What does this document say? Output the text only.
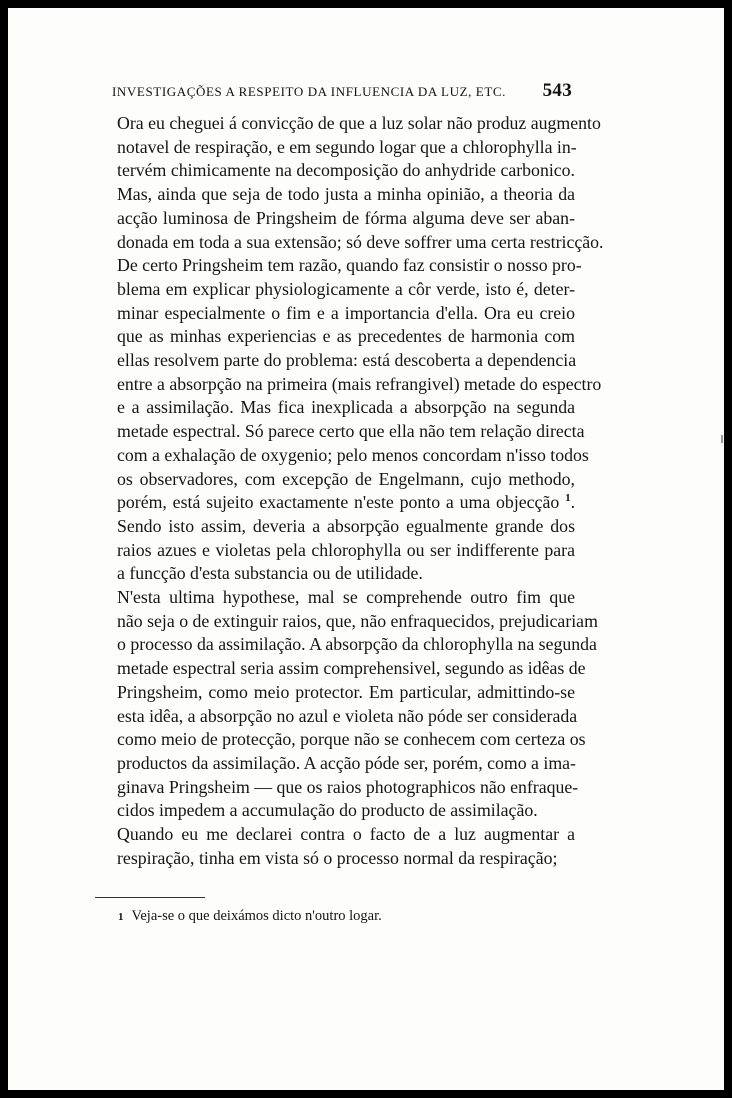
INVESTIGAÇÕES A RESPEITO DA INFLUENCIA DA LUZ, ETC. 543

Ora eu cheguei á convicção de que a luz solar não produz augmento
notavel de respiração, e em segundo logar que a chlorophylla in-
tervém chimicamente na decomposição do anhydride carbonico.
Mas, ainda que seja de todo justa a minha opinião, a theoria da
acção luminosa de Pringsheim de fórma alguma deve ser aban-
donada em toda a sua extensão; só deve soffrer uma certa restricção.
De certo Pringsheim tem razão, quando faz consistir o nosso pro-
blema em explicar physiologicamente a côr verde, isto é, deter-
minar especialmente o fim e a importancia d'ella. Ora eu creio
que as minhas experiencias e as precedentes de harmonia com
ellas resolvem parte do problema: está descoberta a dependencia
entre a absorpção na primeira (mais refrangivel) metade do espectro
e a assimilação. Mas fica inexplicada a absorpção na segunda
metade espectral. Só parece certo que ella não tem relação directa
com a exhalação de oxygenio; pelo menos concordam n'isso todos
os observadores, com excepção de Engelmann, cujo methodo,
porém, está sujeito exactamente n'este ponto a uma objecção $^1$.
Sendo isto assim, deveria a absorpção egualmente grande dos
raios azues e violetas pela chlorophylla ou ser indifferente para
a funcção d'esta substancia ou de utilidade.

N'esta ultima hypothese, mal se comprehende outro fim que
não seja o de extinguir raios, que, não enfraquecidos, prejudicariam
o processo da assimilação. A absorpção da chlorophylla na segunda
metade espectral seria assim comprehensivel, segundo as idêas de
Pringsheim, como meio protector. Em particular, admittindo-se
esta idêa, a absorpção no azul e violeta não póde ser considerada
como meio de protecção, porque não se conhecem com certeza os
productos da assimilação. A acção póde ser, porém, como a ima-
ginava Pringsheim — que os raios photographicos não enfraque-
cidos impedem a accumulação do producto de assimilação.

Quando eu me declarei contra o facto de a luz augmentar a
respiração, tinha em vista só o processo normal da respiração;

1 Veja-se o que deixámos dicto n'outro logar.
